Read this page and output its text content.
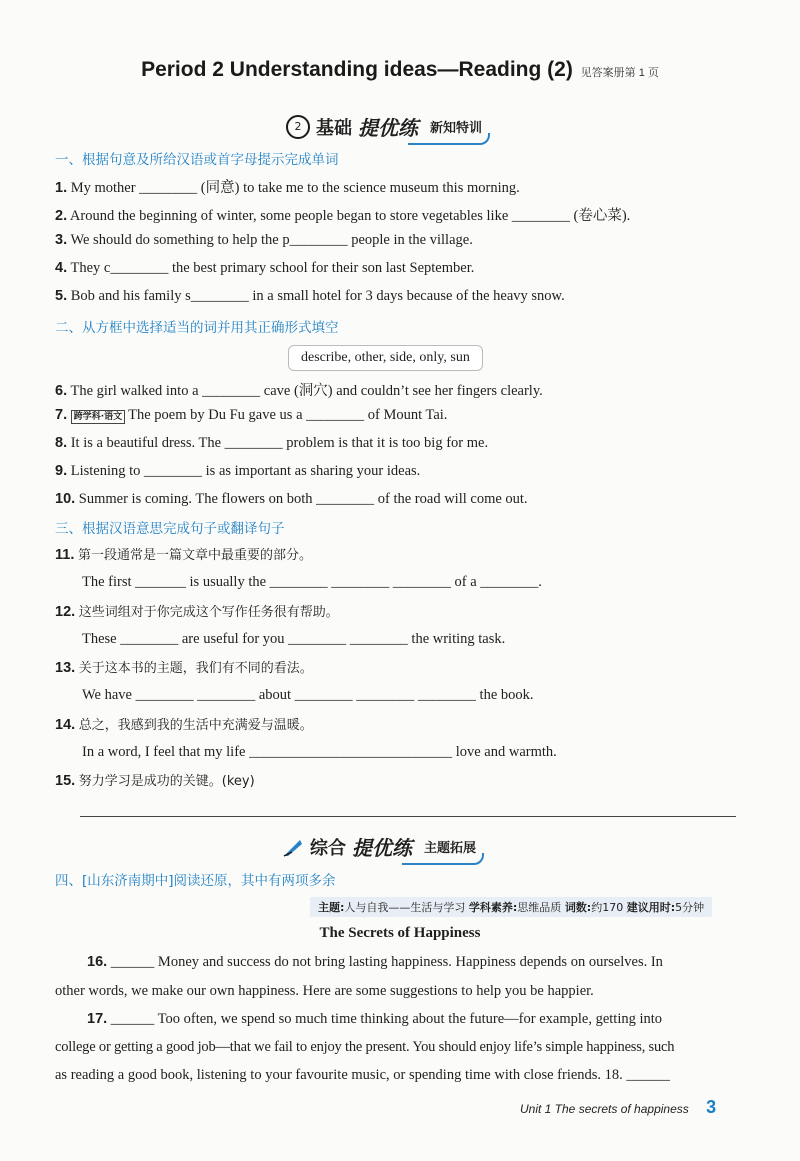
Period 2 Understanding ideas—Reading (2) 见答案册第 1 页
2 基础 提优练 新知特训
一、根据句意及所给汉语或首字母提示完成单词
1. My mother ________ (同意) to take me to the science museum this morning.
2. Around the beginning of winter, some people began to store vegetables like ________ (卷心菜).
3. We should do something to help the p________ people in the village.
4. They c________ the best primary school for their son last September.
5. Bob and his family s________ in a small hotel for 3 days because of the heavy snow.
二、从方框中选择适当的词并用其正确形式填空
describe, other, side, only, sun
6. The girl walked into a ________ cave (洞穴) and couldn’t see her fingers clearly.
7. 跨学科·语文 The poem by Du Fu gave us a ________ of Mount Tai.
8. It is a beautiful dress. The ________ problem is that it is too big for me.
9. Listening to ________ is as important as sharing your ideas.
10. Summer is coming. The flowers on both ________ of the road will come out.
三、根据汉语意思完成句子或翻译句子
11. 第一段通常是一篇文章中最重要的部分。
The first _______ is usually the ________ ________ ________ of a ________.
12. 这些词组对于你完成这个写作任务很有帮助。
These ________ are useful for you ________ ________ the writing task.
13. 关于这本书的主题，我们有不同的看法。
We have ________ ________ about ________ ________ ________ the book.
14. 总之，我感到我的生活中充满爱与温暖。
In a word, I feel that my life ____________________________ love and warmth.
15. 努力学习是成功的关键。(key)
综合 提优练 主题拓展
四、[山东济南期中]阅读还原，其中有两项多余
主题:人与自我——生活与学习 学科素养:思维品质 词数:约170 建议用时:5分钟
The Secrets of Happiness
16. ______ Money and success do not bring lasting happiness. Happiness depends on ourselves. In
other words, we make our own happiness. Here are some suggestions to help you be happier.
17. ______ Too often, we spend so much time thinking about the future—for example, getting into
college or getting a good job—that we fail to enjoy the present. You should enjoy life’s simple happiness, such
as reading a good book, listening to your favourite music, or spending time with close friends. 18. ______
Unit 1 The secrets of happiness 3
